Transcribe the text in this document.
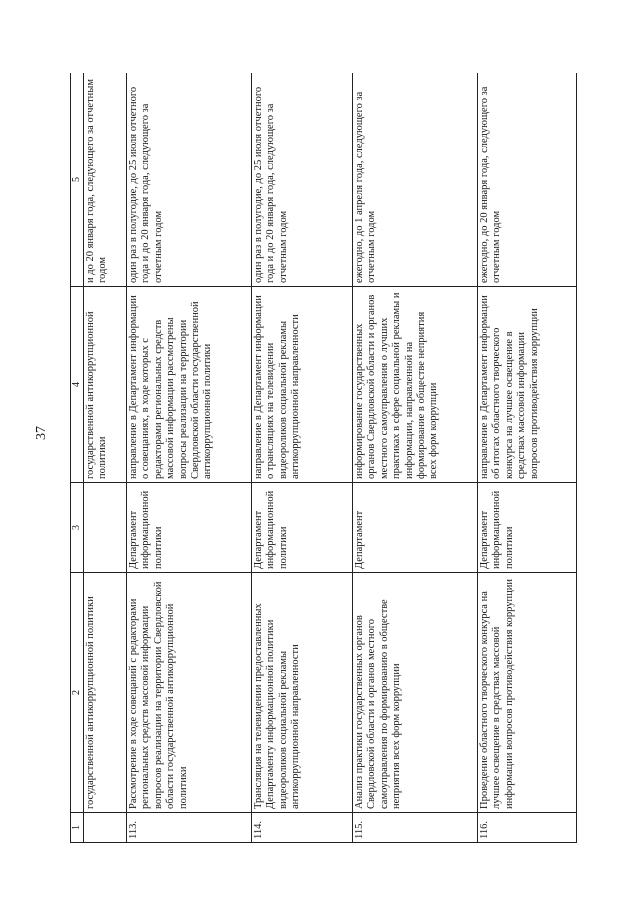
37
1	2	3	4	5
	государственной антикоррупционной политики		государственной антикоррупционной политики	и до 20 января года, следующего за отчетным годом
113.	Рассмотрение в ходе совещаний с редакторами региональных средств массовой информации вопросов реализации на территории Свердловской области государственной антикоррупционной политики	Департамент информационной политики	направление в Департамент информации о совещаниях, в ходе которых с редакторами региональных средств массовой информации рассмотрены вопросы реализации на территории Свердловской области государственной антикоррупционной политики	один раз в полугодие, до 25 июля отчетного года и до 20 января года, следующего за отчетным годом
114.	Трансляция на телевидении предоставленных Департаменту информационной политики видеороликов социальной рекламы антикоррупционной направленности	Департамент информационной политики	направление в Департамент информации о трансляциях на телевидении видеороликов социальной рекламы антикоррупционной направленности	один раз в полугодие, до 25 июля отчетного года и до 20 января года, следующего за отчетным годом
115.	Анализ практики государственных органов Свердловской области и органов местного самоуправления по формированию в обществе неприятия всех форм коррупции	Департамент	информирование государственных органов Свердловской области и органов местного самоуправления о лучших практиках в сфере социальной рекламы и информации, направленной на формирование в обществе неприятия всех форм коррупции	ежегодно, до 1 апреля года, следующего за отчетным годом
116.	Проведение областного творческого конкурса на лучшее освещение в средствах массовой информации вопросов противодействия коррупции	Департамент информационной политики	направление в Департамент информации об итогах областного творческого конкурса на лучшее освещение в средствах массовой информации вопросов противодействия коррупции	ежегодно, до 20 января года, следующего за отчетным годом
